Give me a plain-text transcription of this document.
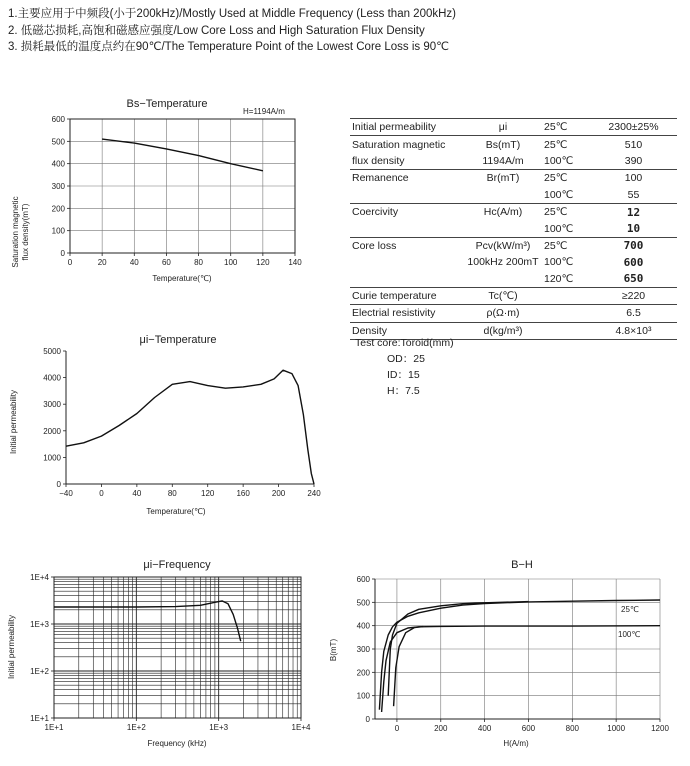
1.主要应用于中频段(小于200kHz)/Mostly Used at Middle Frequency (Less than 200kHz)
2. 低磁芯损耗,高饱和磁感应强度/Low Core Loss and High Saturation Flux Density
3. 损耗最低的温度点约在90℃/The Temperature Point of the Lowest Core Loss is 90℃
Bs−Temperature
H=1194A/m
0	20	40	60	80	100 120 140
0
100
200
300
400
500
600
Temperature(℃)
Saturation magnetic flux density(mT)
μi−Temperature
−40	0	40	80	120	160	200	240
0
1000
2000
3000
4000
5000
Temperature(℃)
Initial permeability
μi−Frequency
1E+1	1E+2	1E+3	1E+4
1E+1
1E+2
1E+3
1E+4
Frequency (kHz)
Initial permeability
B−H
0	200	400	600	800	1000	1200
0
100
200
300
400
500
600
H(A/m)
B(mT)
25℃
100℃
Initial permeability	μi	25℃	2300±25%
Saturation magnetic	Bs(mT)	25℃	510
flux density	1194A/m	100℃	390
Remanence	Br(mT)	25℃	100
		100℃	55
Coercivity	Hc(A/m)	25℃	12
		100℃	10
Core loss	Pcv(kW/m³)	25℃	700
	100kHz 200mT	100℃	600
		120℃	650
Curie temperature	Tc(℃)		≥220
Electrial resistivity	ρ(Ω·m)		6.5
Density	d(kg/m³)		4.8×10³
Test core:Toroid(mm)
OD：25
ID：15
H：7.5
